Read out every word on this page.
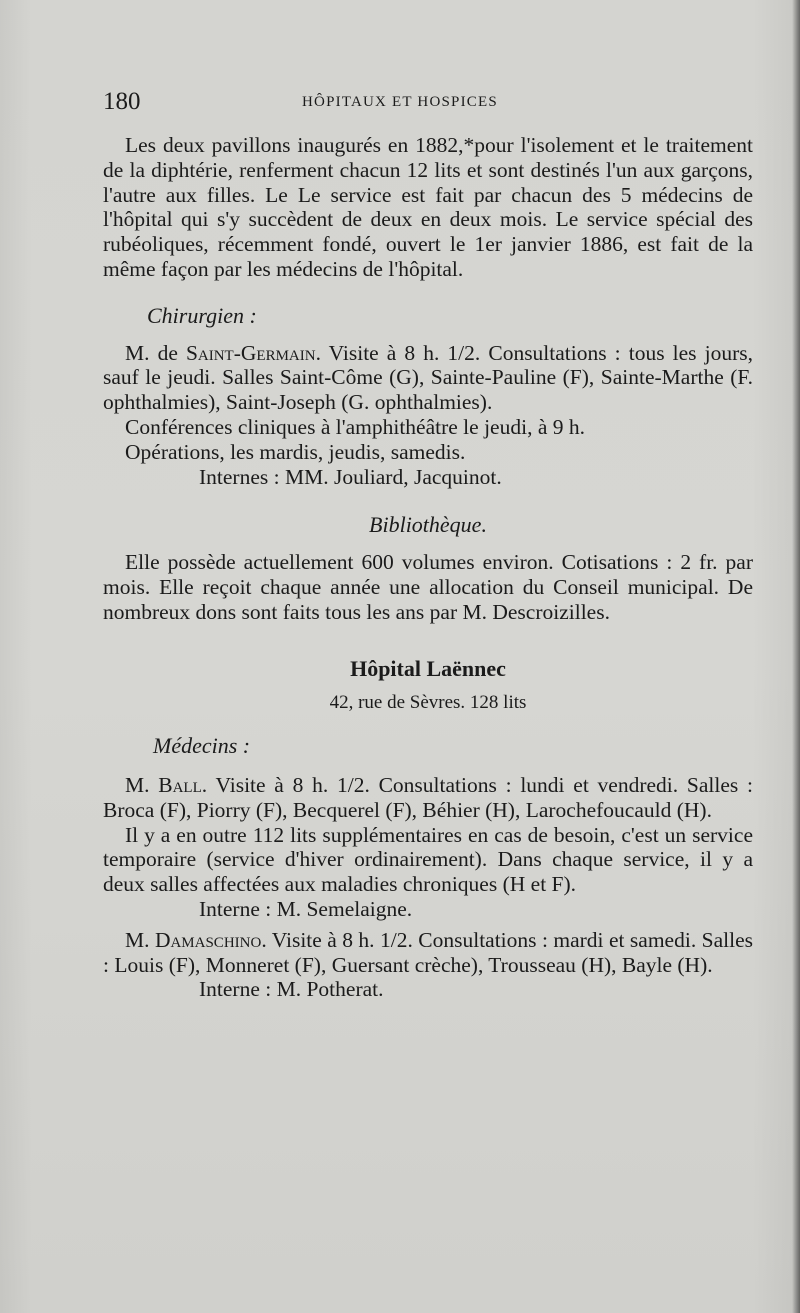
180	HÔPITAUX ET HOSPICES

Les deux pavillons inaugurés en 1882,*pour l'isolement et le traitement de la diphtérie, renferment chacun 12 lits et sont destinés l'un aux garçons, l'autre aux filles. Le Le service est fait par chacun des 5 médecins de l'hôpital qui s'y succèdent de deux en deux mois. Le service spécial des rubéoliques, récemment fondé, ouvert le 1er janvier 1886, est fait de la même façon par les médecins de l'hôpital.

Chirurgien :

M. de Saint-Germain. Visite à 8 h. 1/2. Consultations : tous les jours, sauf le jeudi. Salles Saint-Côme (G), Sainte-Pauline (F), Sainte-Marthe (F. ophthalmies), Saint-Joseph (G. ophthalmies).

Conférences cliniques à l'amphithéâtre le jeudi, à 9 h.

Opérations, les mardis, jeudis, samedis.

Internes : MM. Jouliard, Jacquinot.

Bibliothèque.

Elle possède actuellement 600 volumes environ. Cotisations : 2 fr. par mois. Elle reçoit chaque année une allocation du Conseil municipal. De nombreux dons sont faits tous les ans par M. Descroizilles.

Hôpital Laënnec

42, rue de Sèvres. 128 lits

Médecins :

M. Ball. Visite à 8 h. 1/2. Consultations : lundi et vendredi. Salles : Broca (F), Piorry (F), Becquerel (F), Béhier (H), Larochefoucauld (H).

Il y a en outre 112 lits supplémentaires en cas de besoin, c'est un service temporaire (service d'hiver ordinairement). Dans chaque service, il y a deux salles affectées aux maladies chroniques (H et F).

Interne : M. Semelaigne.

M. Damaschino. Visite à 8 h. 1/2. Consultations : mardi et samedi. Salles : Louis (F), Monneret (F), Guersant crèche), Trousseau (H), Bayle (H).

Interne : M. Potherat.
